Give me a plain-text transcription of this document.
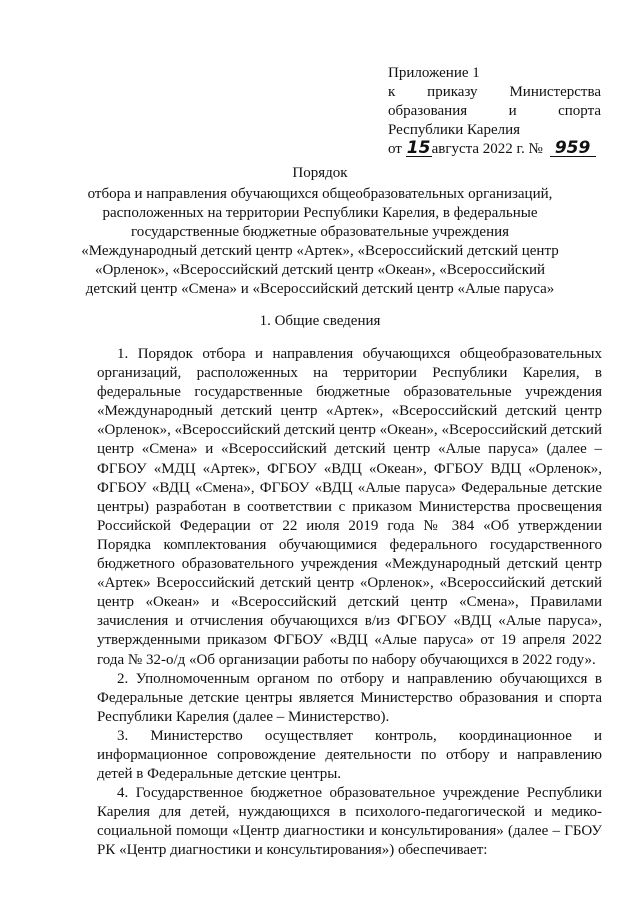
Приложение 1
к приказу Министерства
образования и спорта
Республики Карелия
от 15августа 2022 г. № 959
Порядок
отбора и направления обучающихся общеобразовательных организаций, расположенных на территории Республики Карелия, в федеральные государственные бюджетные образовательные учреждения «Международный детский центр «Артек», «Всероссийский детский центр «Орленок», «Всероссийский детский центр «Океан», «Всероссийский детский центр «Смена» и «Всероссийский детский центр «Алые паруса»
1. Общие сведения

1. Порядок отбора и направления обучающихся общеобразовательных организаций, расположенных на территории Республики Карелия, в федеральные государственные бюджетные образовательные учреждения «Международный детский центр «Артек», «Всероссийский детский центр «Орленок», «Всероссийский детский центр «Океан», «Всероссийский детский центр «Смена» и «Всероссийский детский центр «Алые паруса» (далее – ФГБОУ «МДЦ «Артек», ФГБОУ «ВДЦ «Океан», ФГБОУ ВДЦ «Орленок», ФГБОУ «ВДЦ «Смена», ФГБОУ «ВДЦ «Алые паруса» Федеральные детские центры) разработан в соответствии с приказом Министерства просвещения Российской Федерации от 22 июля 2019 года № 384 «Об утверждении Порядка комплектования обучающимися федерального государственного бюджетного образовательного учреждения «Международный детский центр «Артек» Всероссийский детский центр «Орленок», «Всероссийский детский центр «Океан» и «Всероссийский детский центр «Смена», Правилами зачисления и отчисления обучающихся в/из ФГБОУ «ВДЦ «Алые паруса», утвержденными приказом ФГБОУ «ВДЦ «Алые паруса» от 19 апреля 2022 года № 32-о/д «Об организации работы по набору обучающихся в 2022 году».

2. Уполномоченным органом по отбору и направлению обучающихся в Федеральные детские центры является Министерство образования и спорта Республики Карелия (далее – Министерство).

3. Министерство осуществляет контроль, координационное и информационное сопровождение деятельности по отбору и направлению детей в Федеральные детские центры.

4. Государственное бюджетное образовательное учреждение Республики Карелия для детей, нуждающихся в психолого-педагогической и медико-социальной помощи «Центр диагностики и консультирования» (далее – ГБОУ РК «Центр диагностики и консультирования») обеспечивает:
